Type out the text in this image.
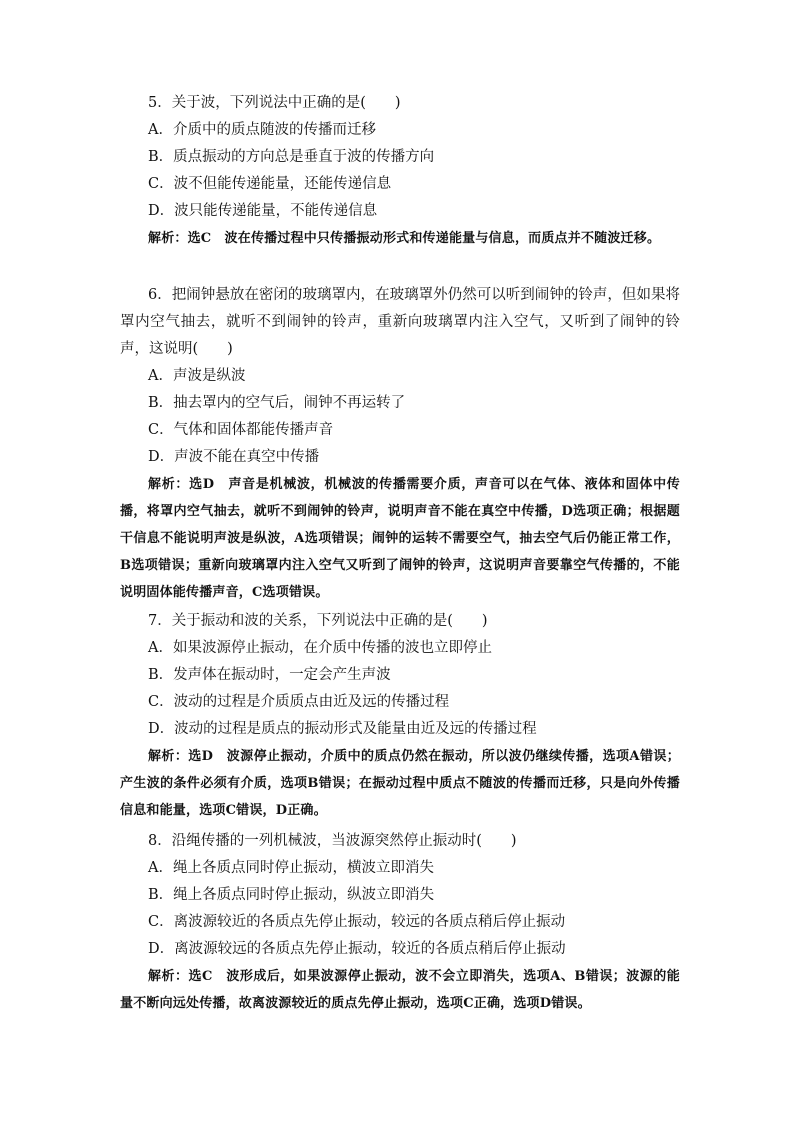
5．关于波，下列说法中正确的是(　　)
A．介质中的质点随波的传播而迁移
B．质点振动的方向总是垂直于波的传播方向
C．波不但能传递能量，还能传递信息
D．波只能传递能量，不能传递信息
解析：选C　波在传播过程中只传播振动形式和传递能量与信息，而质点并不随波迁移。
6．把闹钟悬放在密闭的玻璃罩内，在玻璃罩外仍然可以听到闹钟的铃声，但如果将罩内空气抽去，就听不到闹钟的铃声，重新向玻璃罩内注入空气，又听到了闹钟的铃声，这说明(　　)
A．声波是纵波
B．抽去罩内的空气后，闹钟不再运转了
C．气体和固体都能传播声音
D．声波不能在真空中传播
解析：选D　声音是机械波，机械波的传播需要介质，声音可以在气体、液体和固体中传播，将罩内空气抽去，就听不到闹钟的铃声，说明声音不能在真空中传播，D选项正确；根据题干信息不能说明声波是纵波，A选项错误；闹钟的运转不需要空气，抽去空气后仍能正常工作，B选项错误；重新向玻璃罩内注入空气又听到了闹钟的铃声，这说明声音要靠空气传播的，不能说明固体能传播声音，C选项错误。
7．关于振动和波的关系，下列说法中正确的是(　　)
A．如果波源停止振动，在介质中传播的波也立即停止
B．发声体在振动时，一定会产生声波
C．波动的过程是介质质点由近及远的传播过程
D．波动的过程是质点的振动形式及能量由近及远的传播过程
解析：选D　波源停止振动，介质中的质点仍然在振动，所以波仍继续传播，选项A错误；产生波的条件必须有介质，选项B错误；在振动过程中质点不随波的传播而迁移，只是向外传播信息和能量，选项C错误，D正确。
8．沿绳传播的一列机械波，当波源突然停止振动时(　　)
A．绳上各质点同时停止振动，横波立即消失
B．绳上各质点同时停止振动，纵波立即消失
C．离波源较近的各质点先停止振动，较远的各质点稍后停止振动
D．离波源较远的各质点先停止振动，较近的各质点稍后停止振动
解析：选C　波形成后，如果波源停止振动，波不会立即消失，选项A、B错误；波源的能量不断向远处传播，故离波源较近的质点先停止振动，选项C正确，选项D错误。
